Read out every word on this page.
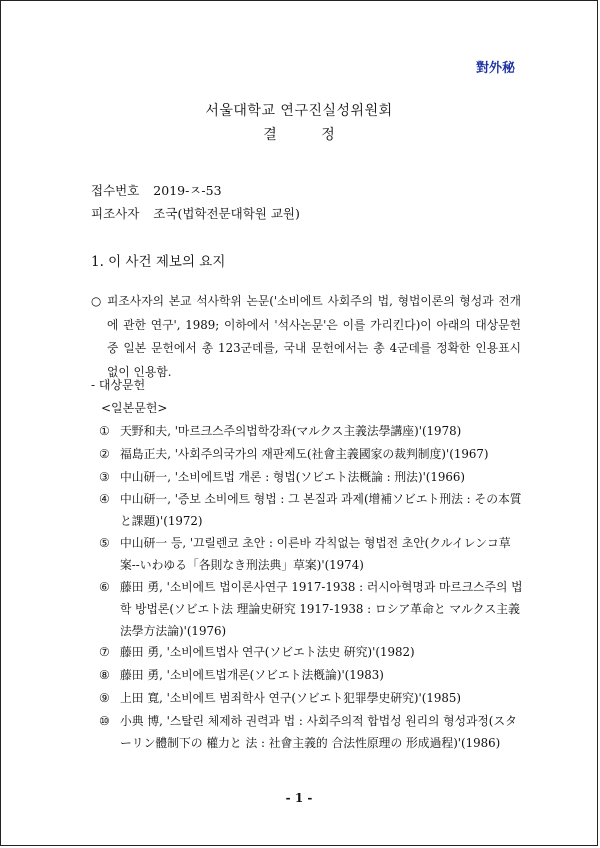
對外秘
서울대학교 연구진실성위원회
결 정
접수번호 2019-ㅈ-53
피조사자 조국(법학전문대학원 교원)
1. 이 사건 제보의 요지
○ 피조사자의 본교 석사학위 논문('소비에트 사회주의 법, 형법이론의 형성과 전개에 관한 연구', 1989; 이하에서 '석사논문'은 이를 가리킨다)이 아래의 대상문헌 중 일본 문헌에서 총 123군데를, 국내 문헌에서는 총 4군데를 정확한 인용표시 없이 인용함.
- 대상문헌
<일본문헌>
① 天野和夫, '마르크스주의법학강좌(マルクス主義法學講座)'(1978)
② 福島正夫, '사회주의국가의 재판제도(社會主義國家の裁判制度)'(1967)
③ 中山研一, '소비에트법 개론 : 형법(ソビエト法概論 : 刑法)'(1966)
④ 中山研一, '증보 소비에트 형법 : 그 본질과 과제(增補ソビエト刑法 : その本質と課題)'(1972)
⑤ 中山研一 등, '끄릴렌코 초안 : 이른바 각칙없는 형법전 초안(クルイレンコ草案--いわゆる「各則なき刑法典」草案)'(1974)
⑥ 藤田 勇, '소비에트 법이론사연구 1917-1938 : 러시아혁명과 마르크스주의 법학 방법론(ソビエト法 理論史研究 1917-1938 : ロシア革命と マルクス主義 法學方法論)'(1976)
⑦ 藤田 勇, '소비에트법사 연구(ソビエト法史 硏究)'(1982)
⑧ 藤田 勇, '소비에트법개론(ソビエト法槪論)'(1983)
⑨ 上田 寬, '소비에트 범죄학사 연구(ソビエト犯罪學史硏究)'(1985)
⑩ 小典 博, '스탈린 체제하 권력과 법 : 사회주의적 합법성 원리의 형성과정(スターリン體制下の 權力と 法 : 社會主義的 合法性原理の 形成過程)'(1986)
- 1 -
